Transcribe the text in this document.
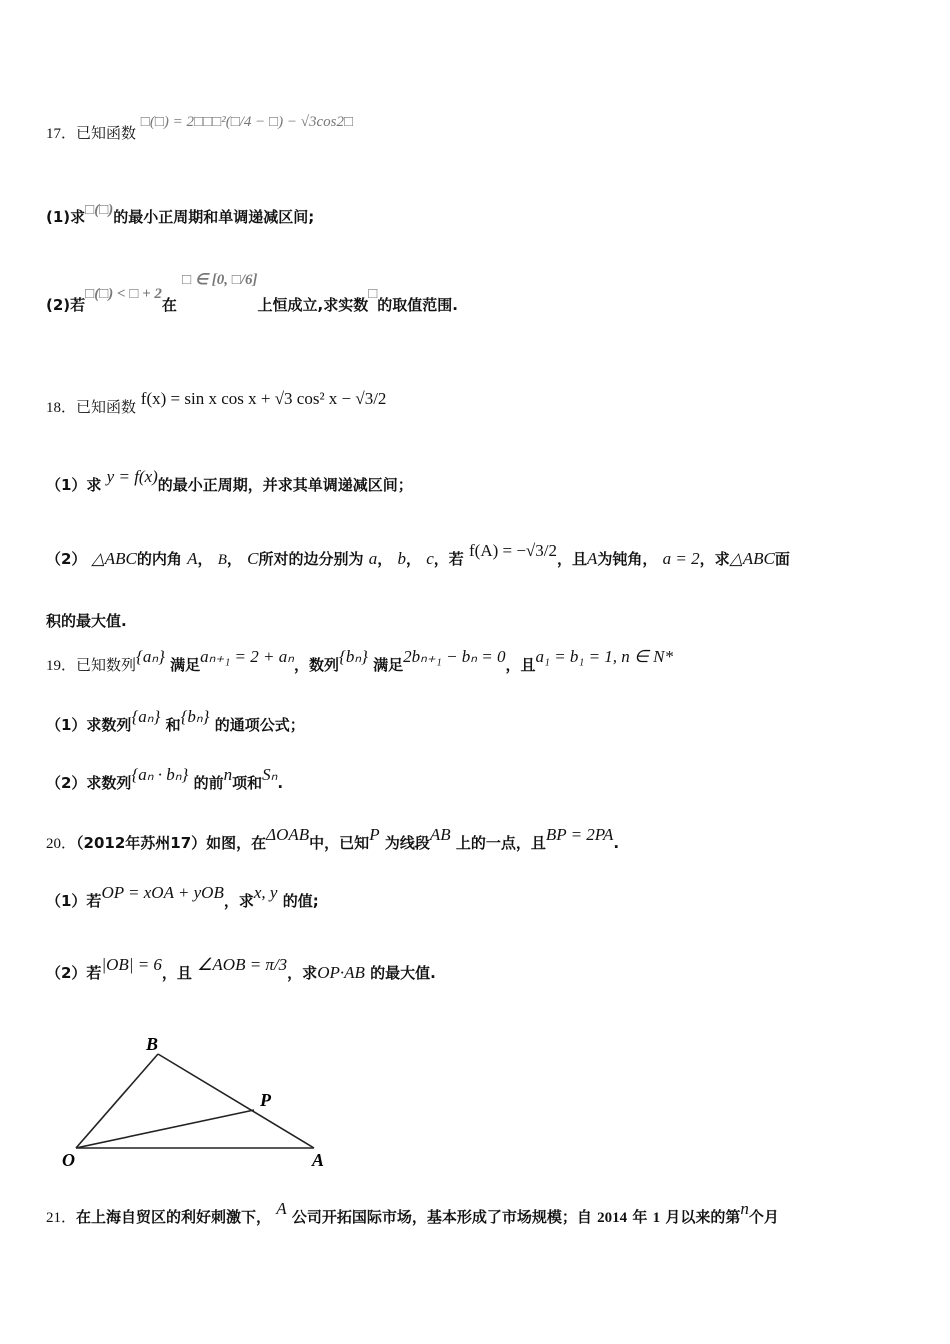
17．已知函数 □(□) = 2□□□²(□/4 − □) − √3cos2□
(1)求□(□)的最小正周期和单调递减区间;
(2)若□(□) < □ + 2在 □ ∈ [0, □/6]上恒成立,求实数□的取值范围.
18．已知函数 f(x) = sin x cos x + √3 cos² x − √3/2
（1）求 y = f(x)的最小正周期，并求其单调递减区间；
（2） △ABC的内角 A， B， C所对的边分别为 a， b， c，若 f(A) = −√3/2，且A为钝角， a = 2，求△ABC面
积的最大值.
19．已知数列{aₙ} 满足aₙ₊₁ = 2 + aₙ，数列{bₙ} 满足2bₙ₊₁ − bₙ = 0，且a₁ = b₁ = 1, n ∈ N*
（1）求数列{aₙ} 和{bₙ} 的通项公式；
（2）求数列{aₙ · bₙ} 的前n项和Sₙ.
20．（2012年苏州17）如图，在ΔOAB中，已知P 为线段AB 上的一点，且BP = 2PA.
（1）若OP = xOA + yOB，求x, y 的值;
（2）若|OB| = 6，且 ∠AOB = π/3，求OP·AB 的最大值.
B
P
O	A
21．在上海自贸区的利好刺激下， A 公司开拓国际市场，基本形成了市场规模；自 2014 年 1 月以来的第n个月
